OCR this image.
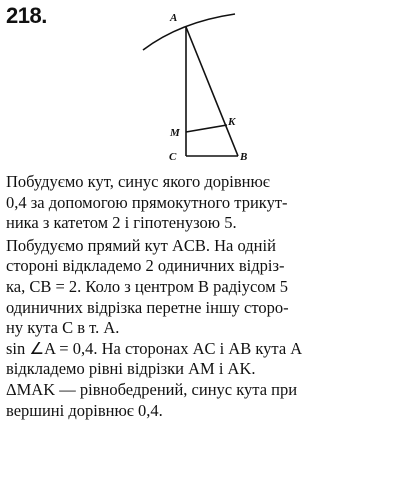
218.	A
M
K
C	B
Побудуємо кут, синус якого дорівнює
0,4 за допомогою прямокутного трикут-
ника з катетом 2 і гіпотенузою 5.
Побудуємо прямий кут ACB. На одній
стороні відкладемо 2 одиничних відрiз-
ка, CB = 2. Коло з центром B радіусом 5
одиничних відрізка перетне іншу сторо-
ну кута C в т. A.
sin ∠A = 0,4. На сторонах AC і AB кута A
відкладемо рівні відрізки AM і AK.
ΔMAK — рівнобедрений, синус кута при
вершині дорівнює 0,4.
